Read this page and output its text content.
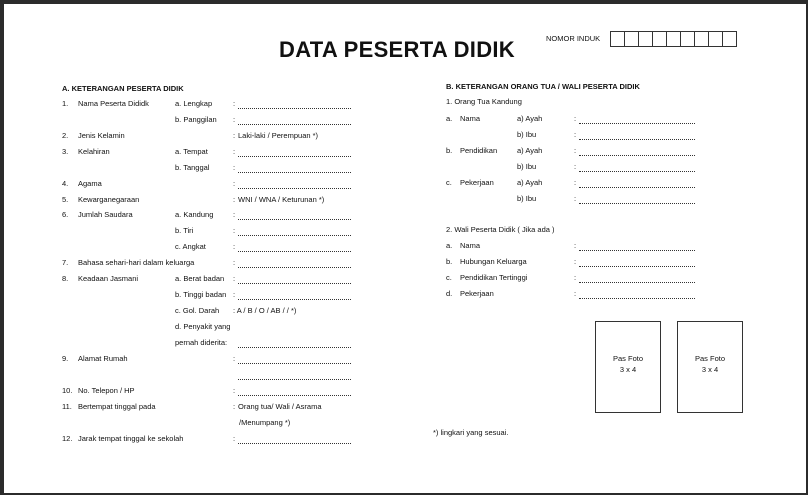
DATA PESERTA DIDIK	NOMOR INDUK
A. KETERANGAN PESERTA DIDIK
1. Nama Peserta Dididk	a. Lengkap	:
b. Panggilan :
2. Jenis Kelamin	: Laki-laki / Perempuan *)
3. Kelahiran	a. Tempat	:
b. Tanggal	:
4. Agama	:
5. Kewarganegaraan	: WNI / WNA / Keturunan *)
6. Jumlah Saudara	a. Kandung	:
b. Tiri	:
c. Angkat	:
7. Bahasa sehari-hari dalam keluarga	:
8. Keadaan Jasmani	a. Berat badan :
b. Tinggi badan :
c. Gol. Darah : A / B / O / AB / / *)
d. Penyakit yang
pernah diderita:
9. Alamat Rumah	:
10. No. Telepon / HP	:
11. Bertempat tinggal pada	: Orang tua/ Wali / Asrama
/Menumpang *)
12. Jarak tempat tinggal ke sekolah	:
B. KETERANGAN ORANG TUA / WALI PESERTA DIDIK
1. Orang Tua Kandung
a. Nama	a) Ayah	:
b) Ibu	:
b. Pendidikan	a) Ayah	:
b) Ibu	:
c. Pekerjaan	a) Ayah	:
b) Ibu	:
2. Wali Peserta Didik ( Jika ada )
a. Nama	:
b. Hubungan Keluarga	:
c. Pendidikan Tertinggi	:
d. Pekerjaan	:
Pas Foto
3 x 4
Pas Foto
3 x 4
*) lingkari yang sesuai.
